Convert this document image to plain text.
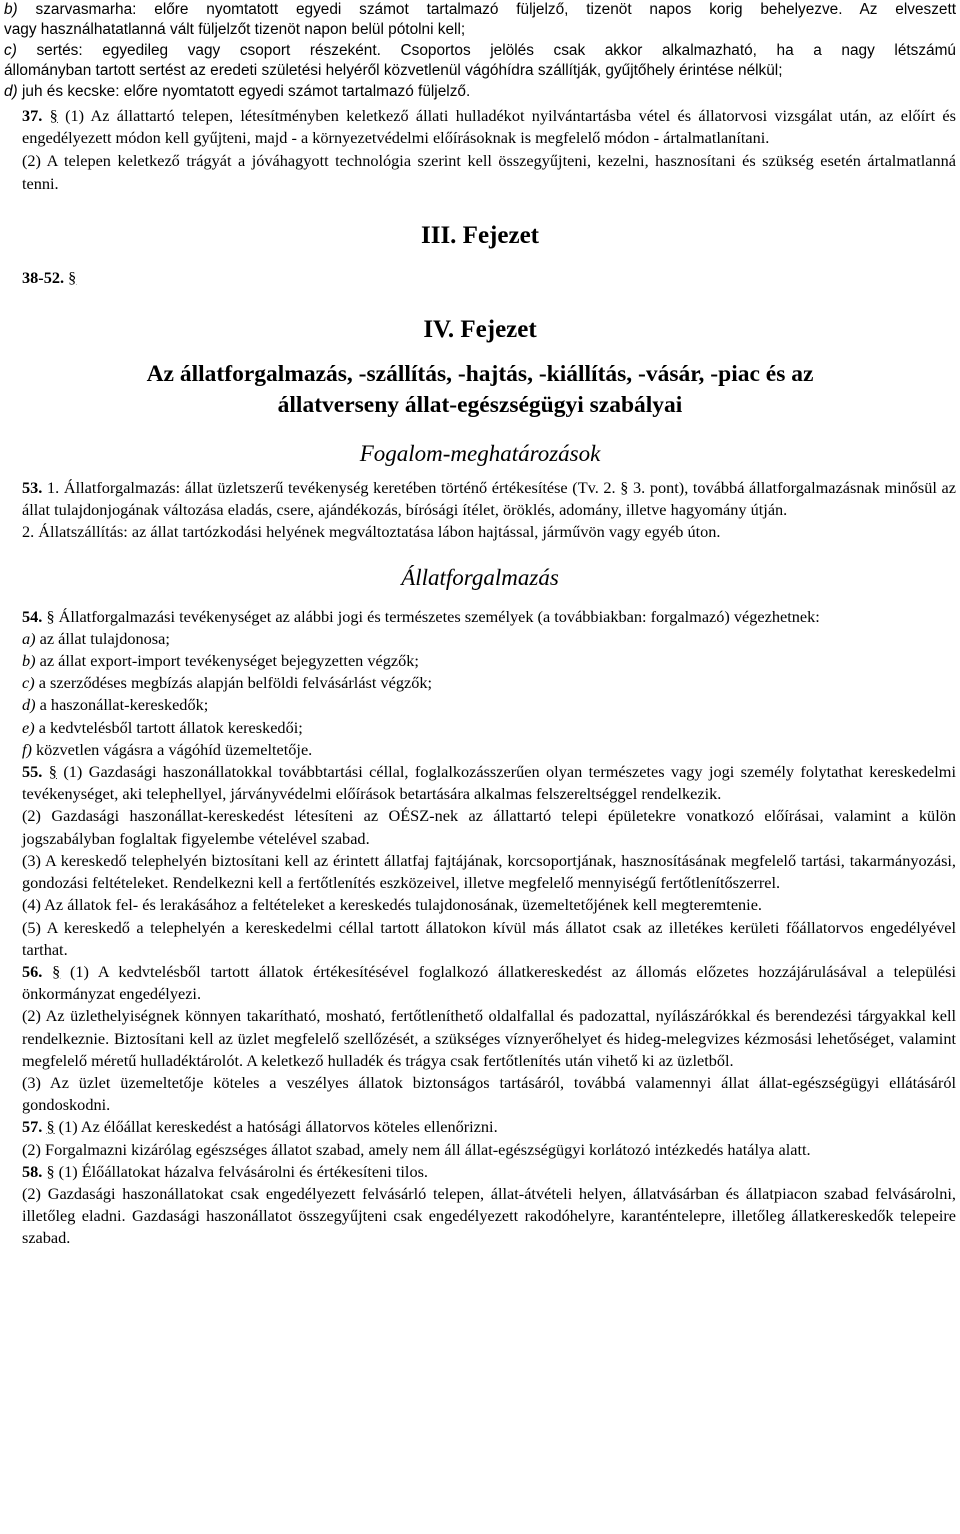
b) szarvasmarha: előre nyomtatott egyedi számot tartalmazó füljelző, tizenöt napos korig behelyezve. Az elveszett
vagy használhatatlanná vált füljelzőt tizenöt napon belül pótolni kell;
c) sertés: egyedileg vagy csoport részeként. Csoportos jelölés csak akkor alkalmazható, ha a nagy létszámú
állományban tartott sertést az eredeti születési helyéről közvetlenül vágóhídra szállítják, gyűjtőhely érintése nélkül;
d) juh és kecske: előre nyomtatott egyedi számot tartalmazó füljelző.
37. § (1) Az állattartó telepen, létesítményben keletkező állati hulladékot nyilvántartásba vétel és állatorvosi vizsgálat után, az előírt és engedélyezett módon kell gyűjteni, majd - a környezetvédelmi előírásoknak is megfelelő módon - ártalmatlanítani.
(2) A telepen keletkező trágyát a jóváhagyott technológia szerint kell összegyűjteni, kezelni, hasznosítani és szükség esetén ártalmatlanná tenni.
III. Fejezet
38-52. §
IV. Fejezet
Az állatforgalmazás, -szállítás, -hajtás, -kiállítás, -vásár, -piac és az
állatverseny állat-egészségügyi szabályai
Fogalom-meghatározások
53. 1. Állatforgalmazás: állat üzletszerű tevékenység keretében történő értékesítése (Tv. 2. § 3. pont), továbbá állatforgalmazásnak minősül az állat tulajdonjogának változása eladás, csere, ajándékozás, bírósági ítélet, öröklés, adomány, illetve hagyomány útján.
2. Állatszállítás: az állat tartózkodási helyének megváltoztatása lábon hajtással, járművön vagy egyéb úton.
Állatforgalmazás
54. § Állatforgalmazási tevékenységet az alábbi jogi és természetes személyek (a továbbiakban: forgalmazó) végezhetnek:
a) az állat tulajdonosa;
b) az állat export-import tevékenységet bejegyzetten végzők;
c) a szerződéses megbízás alapján belföldi felvásárlást végzők;
d) a haszonállat-kereskedők;
e) a kedvtelésből tartott állatok kereskedői;
f) közvetlen vágásra a vágóhíd üzemeltetője.
55. § (1) Gazdasági haszonállatokkal továbbtartási céllal, foglalkozásszerűen olyan természetes vagy jogi személy folytathat kereskedelmi tevékenységet, aki telephellyel, járványvédelmi előírások betartására alkalmas felszereltséggel rendelkezik.
(2) Gazdasági haszonállat-kereskedést létesíteni az OÉSZ-nek az állattartó telepi épületekre vonatkozó előírásai, valamint a külön jogszabályban foglaltak figyelembe vételével szabad.
(3) A kereskedő telephelyén biztosítani kell az érintett állatfaj fajtájának, korcsoportjának, hasznosításának megfelelő tartási, takarmányozási, gondozási feltételeket. Rendelkezni kell a fertőtlenítés eszközeivel, illetve megfelelő mennyiségű fertőtlenítőszerrel.
(4) Az állatok fel- és lerakásához a feltételeket a kereskedés tulajdonosának, üzemeltetőjének kell megteremtenie.
(5) A kereskedő a telephelyén a kereskedelmi céllal tartott állatokon kívül más állatot csak az illetékes kerületi főállatorvos engedélyével tarthat.
56. § (1) A kedvtelésből tartott állatok értékesítésével foglalkozó állatkereskedést az állomás előzetes hozzájárulásával a települési önkormányzat engedélyezi.
(2) Az üzlethelyiségnek könnyen takarítható, mosható, fertőtleníthető oldalfallal és padozattal, nyílászárókkal és berendezési tárgyakkal kell rendelkeznie. Biztosítani kell az üzlet megfelelő szellőzését, a szükséges víznyerőhelyet és hideg-melegvizes kézmosási lehetőséget, valamint megfelelő méretű hulladéktárolót. A keletkező hulladék és trágya csak fertőtlenítés után vihető ki az üzletből.
(3) Az üzlet üzemeltetője köteles a veszélyes állatok biztonságos tartásáról, továbbá valamennyi állat állat-egészségügyi ellátásáról gondoskodni.
57. § (1) Az élőállat kereskedést a hatósági állatorvos köteles ellenőrizni.
(2) Forgalmazni kizárólag egészséges állatot szabad, amely nem áll állat-egészségügyi korlátozó intézkedés hatálya alatt.
58. § (1) Élőállatokat házalva felvásárolni és értékesíteni tilos.
(2) Gazdasági haszonállatokat csak engedélyezett felvásárló telepen, állat-átvételi helyen, állatvásárban és állatpiacon szabad felvásárolni, illetőleg eladni. Gazdasági haszonállatot összegyűjteni csak engedélyezett rakodóhelyre, karanténtelepre, illetőleg állatkereskedők telepeire szabad.
